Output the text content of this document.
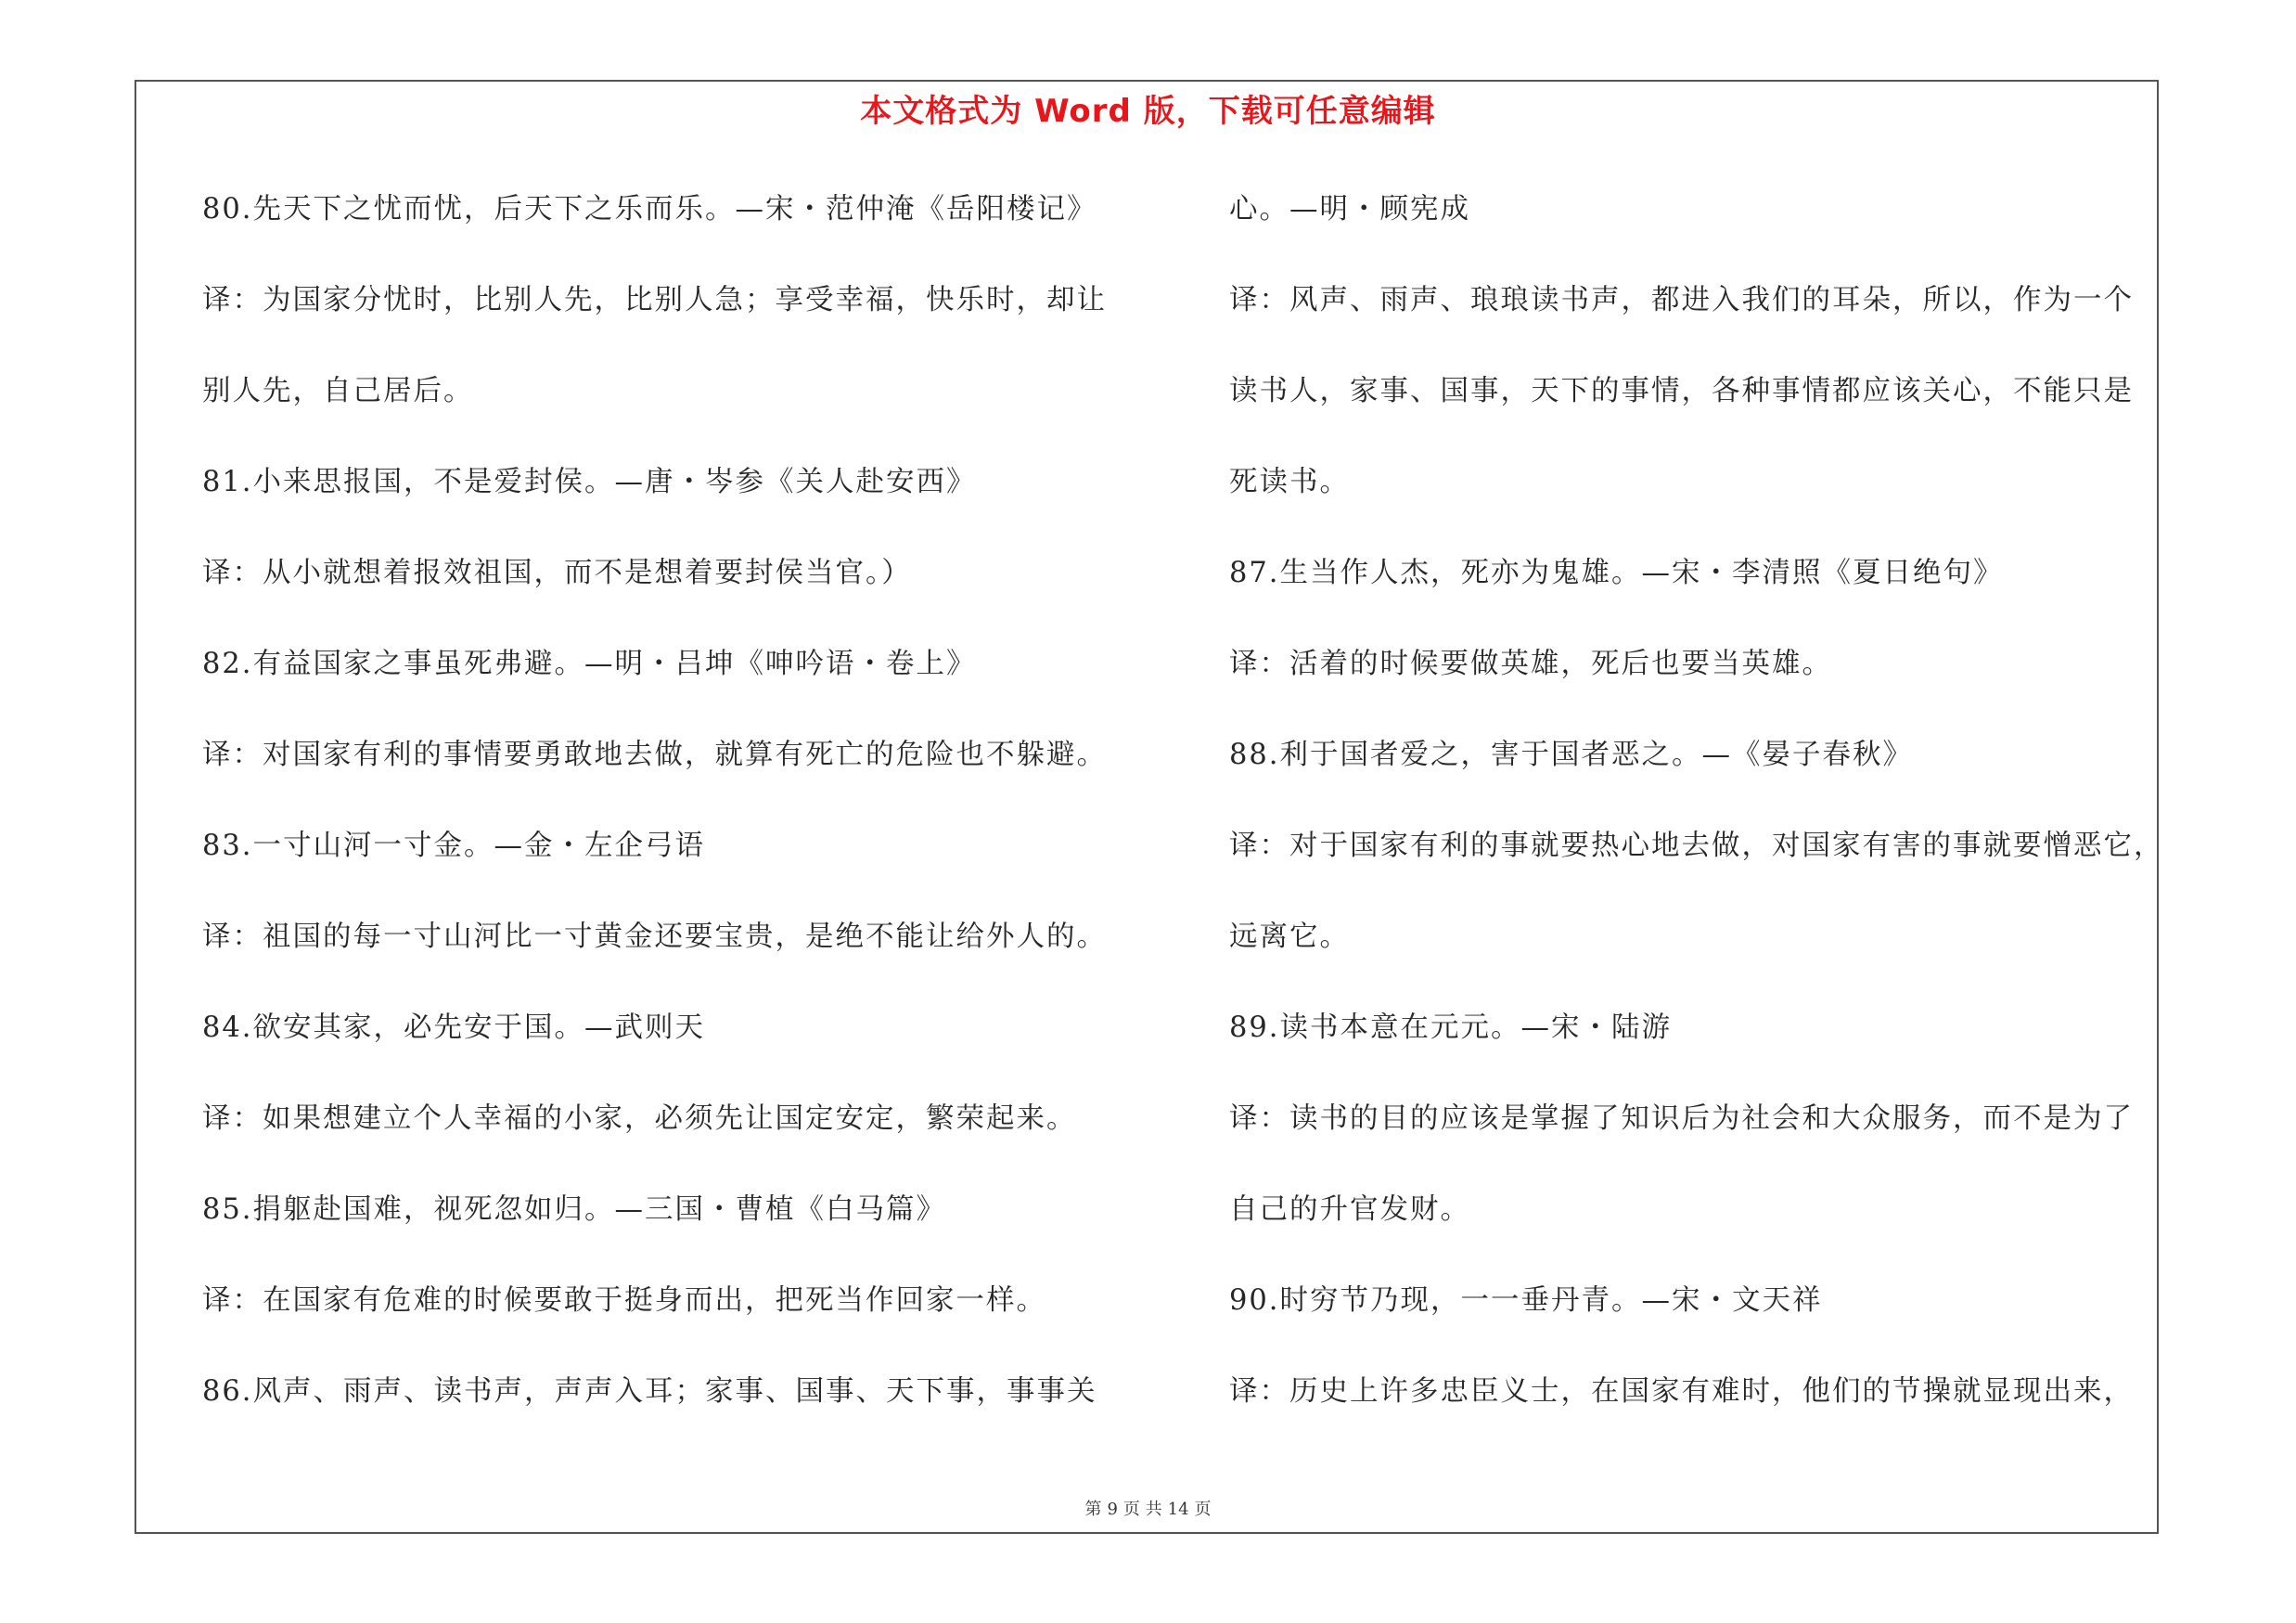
本文格式为 Word 版，下载可任意编辑
80.先天下之忧而忧，后天下之乐而乐。—宋・范仲淹《岳阳楼记》
译：为国家分忧时，比别人先，比别人急；享受幸福，快乐时，却让
别人先，自己居后。
81.小来思报国，不是爱封侯。—唐・岑参《关人赴安西》
译：从小就想着报效祖国，而不是想着要封侯当官。）
82.有益国家之事虽死弗避。—明・吕坤《呻吟语・卷上》
译：对国家有利的事情要勇敢地去做，就算有死亡的危险也不躲避。
83.一寸山河一寸金。—金・左企弓语
译：祖国的每一寸山河比一寸黄金还要宝贵，是绝不能让给外人的。
84.欲安其家，必先安于国。—武则天
译：如果想建立个人幸福的小家，必须先让国定安定，繁荣起来。
85.捐躯赴国难，视死忽如归。—三国・曹植《白马篇》
译：在国家有危难的时候要敢于挺身而出，把死当作回家一样。
86.风声、雨声、读书声，声声入耳；家事、国事、天下事，事事关
心。—明・顾宪成
译：风声、雨声、琅琅读书声，都进入我们的耳朵，所以，作为一个
读书人，家事、国事，天下的事情，各种事情都应该关心，不能只是
死读书。
87.生当作人杰，死亦为鬼雄。—宋・李清照《夏日绝句》
译：活着的时候要做英雄，死后也要当英雄。
88.利于国者爱之，害于国者恶之。—《晏子春秋》
译：对于国家有利的事就要热心地去做，对国家有害的事就要憎恶它，
远离它。
89.读书本意在元元。—宋・陆游
译：读书的目的应该是掌握了知识后为社会和大众服务，而不是为了
自己的升官发财。
90.时穷节乃现，一一垂丹青。—宋・文天祥
译：历史上许多忠臣义士，在国家有难时，他们的节操就显现出来，
第 9 页 共 14 页
